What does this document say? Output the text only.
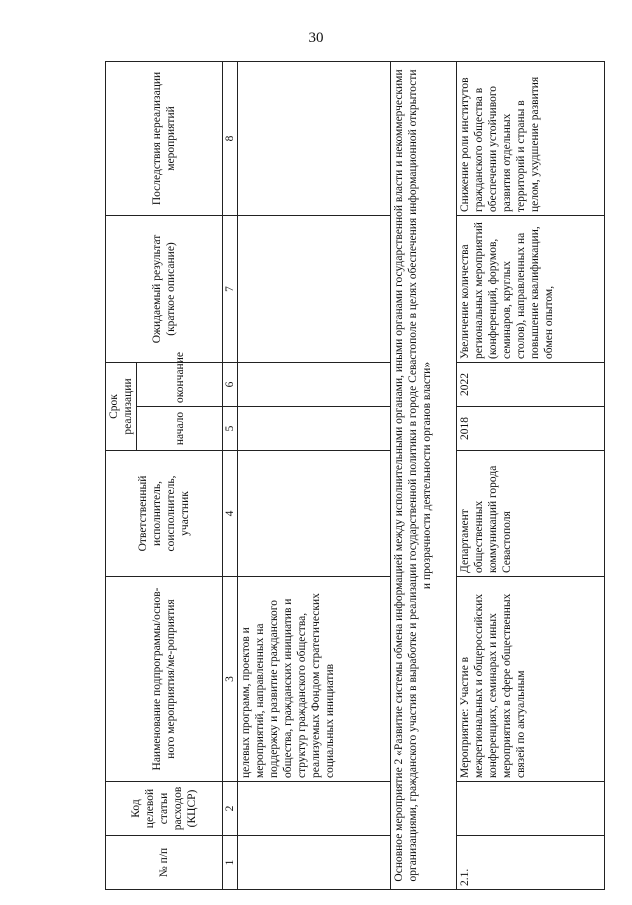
30
№ п/п	Код целевой статьи расходов (КЦСР)	Наименование подпрограммы/основ-ного мероприятия/ме-роприятия	Ответственный исполнитель, соисполнитель, участник	Срок реализации		Ожидаемый результат (краткое описание)	Последствия нереализации мероприятий
				начало	окончание		
1	2	3	4	5	6	7	8
		целевых программ, проектов и мероприятий, направленных на поддержку и развитие гражданского общества, гражданских инициатив и структур гражданского общества, реализуемых Фондом стратегических социальных инициатив					
Основное мероприятие 2 «Развитие системы обмена информацией между исполнительными органами, иными органами государственной власти и некоммерческими организациями, гражданского участия в выработке и реализации государственной политики в городе Севастополе в целях обеспечения информационной открытости и прозрачности деятельности органов власти»							
2.1.		Мероприятие: Участие в межрегиональных и общероссийских конференциях, семинарах и иных мероприятиях в сфере общественных связей по актуальным	Департамент общественных коммуникаций города Севастополя	2018	2022	Увеличение количества региональных мероприятий (конференций, форумов, семинаров, круглых столов), направленных на повышение квалификации, обмен опытом,	Снижение роли институтов гражданского общества в обеспечении устойчивого развития отдельных территорий и страны в целом, ухудшение развития
